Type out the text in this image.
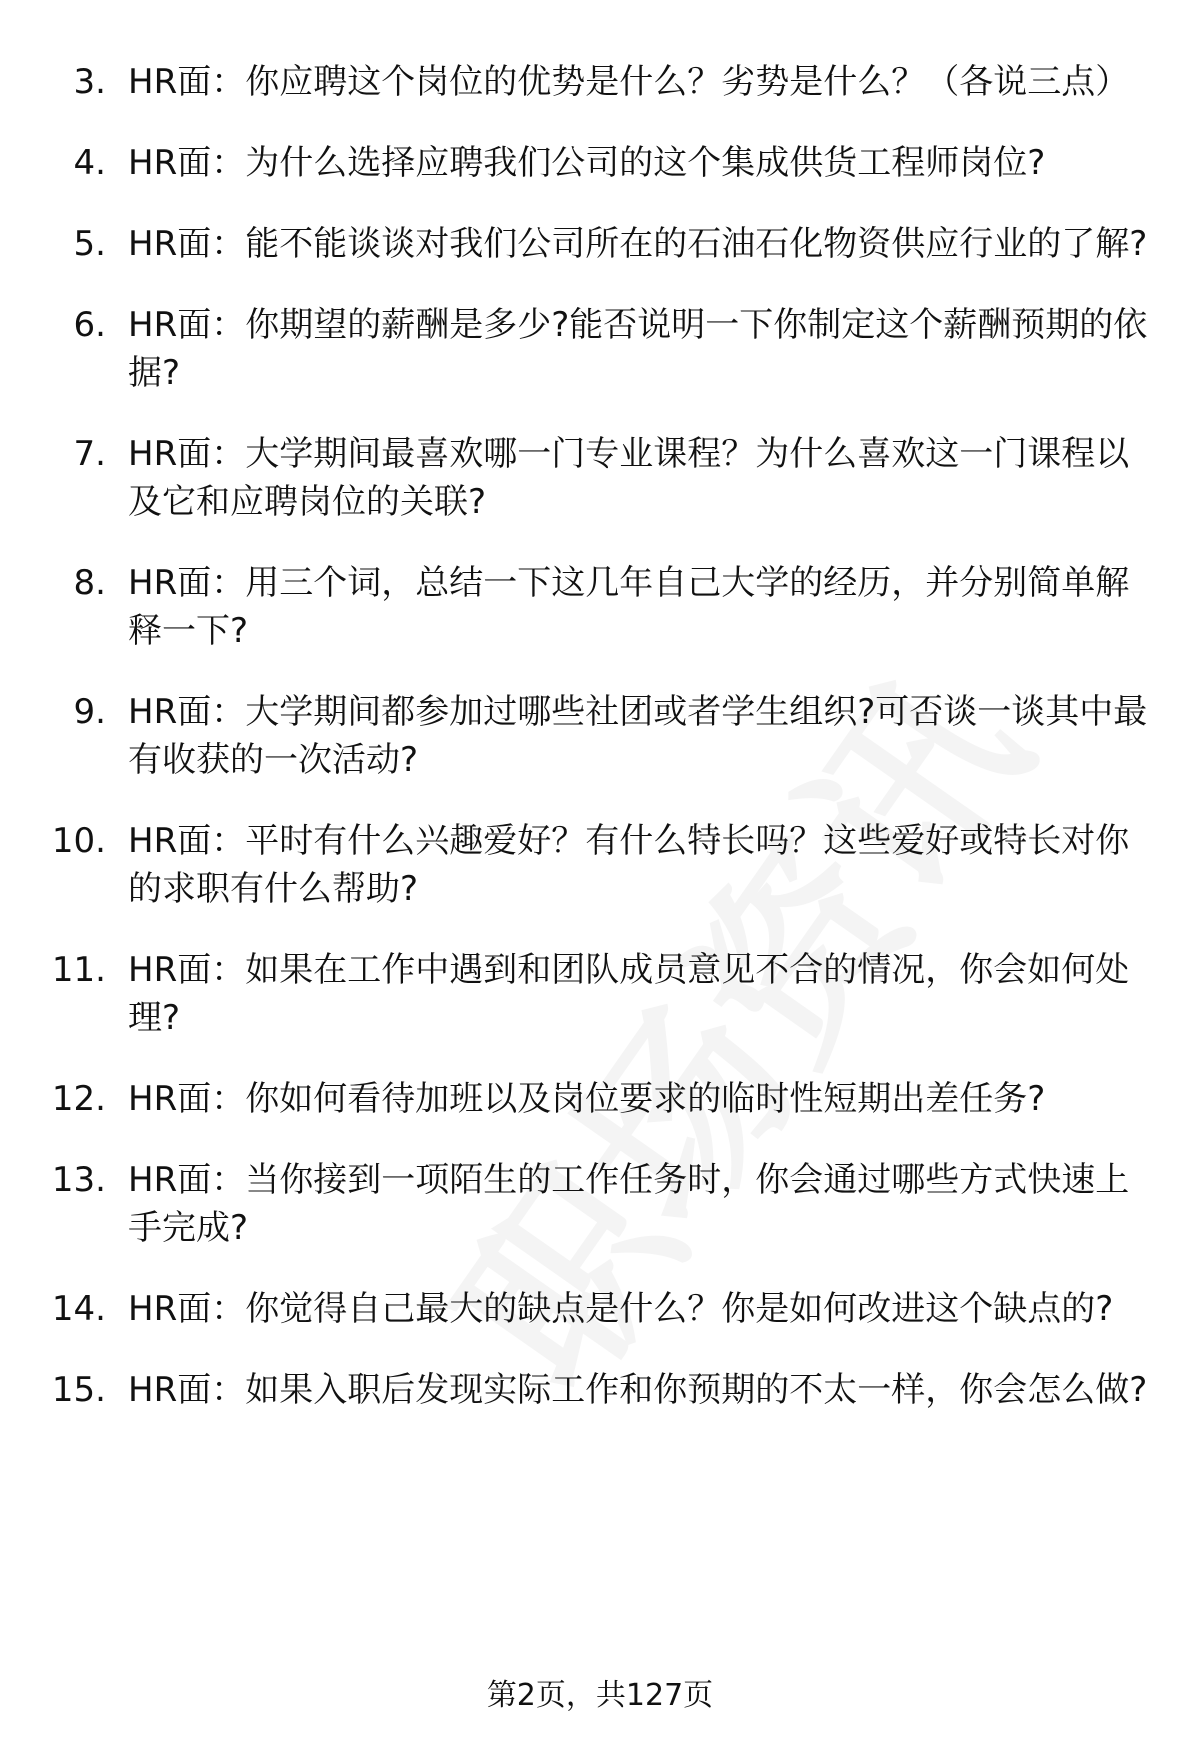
3. HR面：你应聘这个岗位的优势是什么？劣势是什么？（各说三点）
4. HR面：为什么选择应聘我们公司的这个集成供货工程师岗位?
5. HR面：能不能谈谈对我们公司所在的石油石化物资供应行业的了解?
6. HR面：你期望的薪酬是多少?能否说明一下你制定这个薪酬预期的依据?
7. HR面：大学期间最喜欢哪一门专业课程？为什么喜欢这一门课程以及它和应聘岗位的关联?
8. HR面：用三个词，总结一下这几年自己大学的经历，并分别简单解释一下?
9. HR面：大学期间都参加过哪些社团或者学生组织?可否谈一谈其中最有收获的一次活动?
10. HR面：平时有什么兴趣爱好？有什么特长吗？这些爱好或特长对你的求职有什么帮助?
11. HR面：如果在工作中遇到和团队成员意见不合的情况，你会如何处理?
12. HR面：你如何看待加班以及岗位要求的临时性短期出差任务?
13. HR面：当你接到一项陌生的工作任务时，你会通过哪些方式快速上手完成?
14. HR面：你觉得自己最大的缺点是什么？你是如何改进这个缺点的?
15. HR面：如果入职后发现实际工作和你预期的不太一样，你会怎么做?
第2页，共127页
